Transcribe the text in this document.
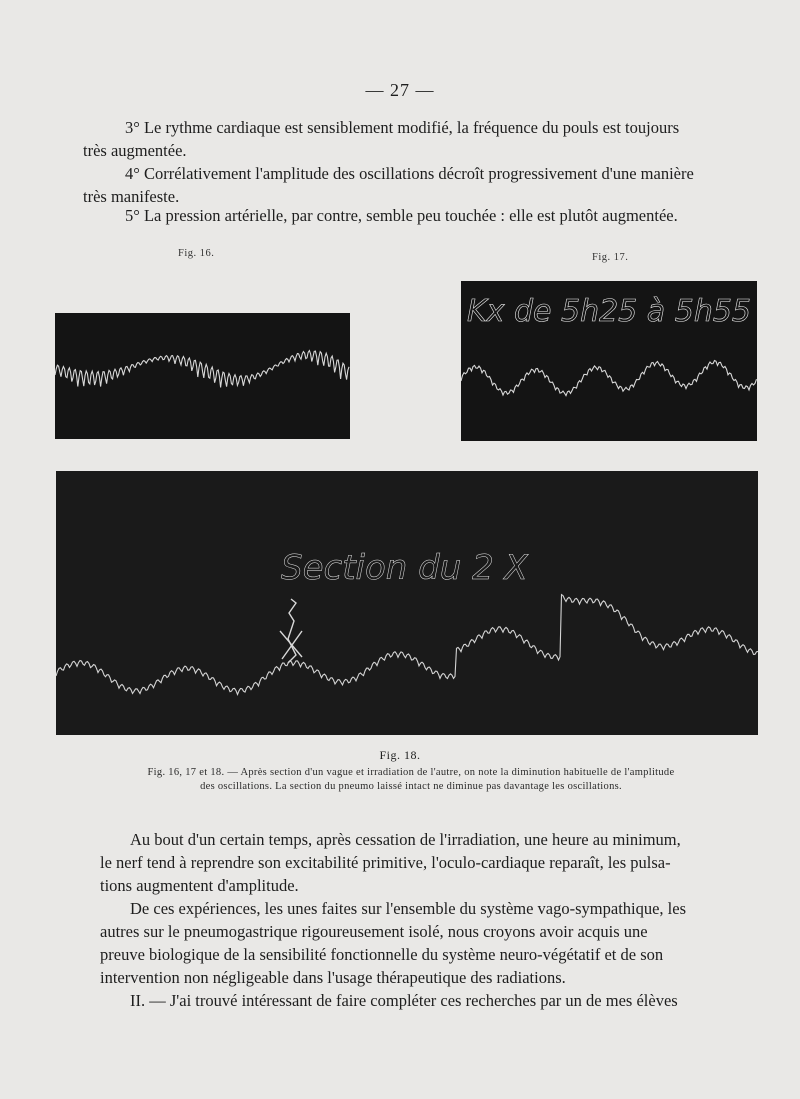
— 27 —
3° Le rythme cardiaque est sensiblement modifié, la fréquence du pouls est toujours
très augmentée.
4° Corrélativement l'amplitude des oscillations décroît progressivement d'une manière
très manifeste.
5° La pression artérielle, par contre, semble peu touchée : elle est plutôt augmentée.
Fig. 16.	Fig. 17.
Kx de 5h25 à 5h55
Section du 2 X
Fig. 18.
Fig. 16, 17 et 18. — Après section d'un vague et irradiation de l'autre, on note la diminution habituelle de l'amplitude
des oscillations. La section du pneumo laissé intact ne diminue pas davantage les oscillations.

Au bout d'un certain temps, après cessation de l'irradiation, une heure au minimum,
le nerf tend à reprendre son excitabilité primitive, l'oculo-cardiaque reparaît, les pulsa-
tions augmentent d'amplitude.

De ces expériences, les unes faites sur l'ensemble du système vago-sympathique, les
autres sur le pneumogastrique rigoureusement isolé, nous croyons avoir acquis une
preuve biologique de la sensibilité fonctionnelle du système neuro-végétatif et de son
intervention non négligeable dans l'usage thérapeutique des radiations.

II. — J'ai trouvé intéressant de faire compléter ces recherches par un de mes élèves
